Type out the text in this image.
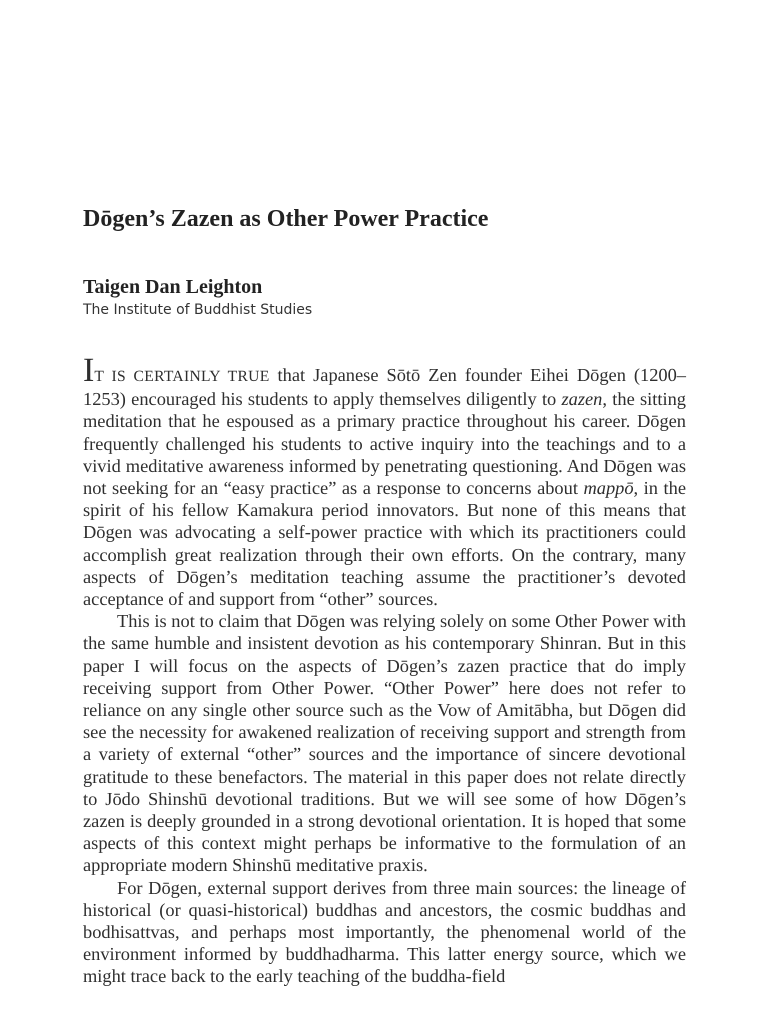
Dōgen’s Zazen as Other Power Practice
Taigen Dan Leighton
The Institute of Buddhist Studies

IT IS CERTAINLY TRUE that Japanese Sōtō Zen founder Eihei Dōgen (1200–1253) encouraged his students to apply themselves diligently to zazen, the sitting meditation that he espoused as a primary practice throughout his career. Dōgen frequently challenged his students to active inquiry into the teachings and to a vivid meditative awareness informed by penetrating questioning. And Dōgen was not seeking for an “easy practice” as a response to concerns about mappō, in the spirit of his fellow Kamakura period innovators. But none of this means that Dōgen was advocating a self-power practice with which its practitioners could accomplish great realization through their own efforts. On the contrary, many aspects of Dōgen’s meditation teaching assume the practitioner’s devoted acceptance of and support from “other” sources.

This is not to claim that Dōgen was relying solely on some Other Power with the same humble and insistent devotion as his contemporary Shinran. But in this paper I will focus on the aspects of Dōgen’s zazen practice that do imply receiving support from Other Power. “Other Power” here does not refer to reliance on any single other source such as the Vow of Amitābha, but Dōgen did see the necessity for awakened realization of receiving support and strength from a variety of external “other” sources and the importance of sincere devotional gratitude to these benefactors. The material in this paper does not relate directly to Jōdo Shinshū devotional traditions. But we will see some of how Dōgen’s zazen is deeply grounded in a strong devotional orientation. It is hoped that some aspects of this context might perhaps be informative to the formulation of an appropriate modern Shinshū meditative praxis.

For Dōgen, external support derives from three main sources: the lineage of historical (or quasi-historical) buddhas and ancestors, the cosmic buddhas and bodhisattvas, and perhaps most importantly, the phenomenal world of the environment informed by buddhadharma. This latter energy source, which we might trace back to the early teaching of the buddha-field
